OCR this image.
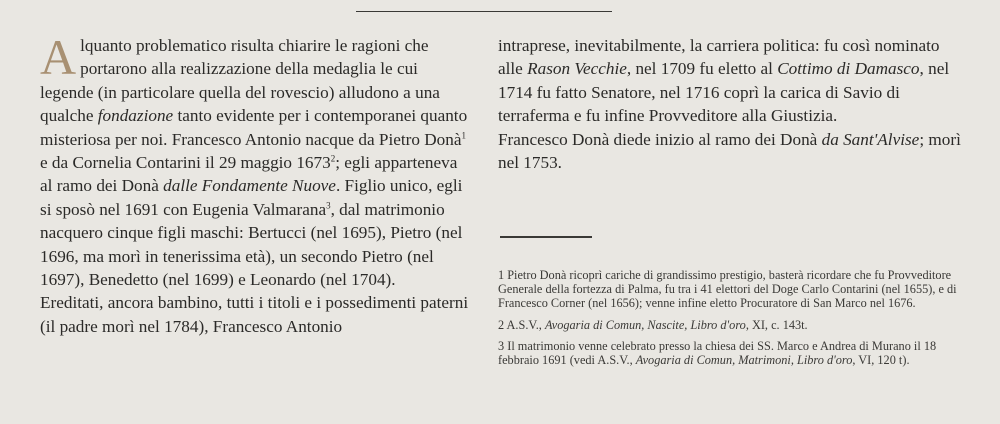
A lquanto problematico risulta chiarire le ragioni che
portarono alla realizzazione della medaglia le cui
legende (in particolare quella del rovescio) alludono a una qualche fondazione tanto evidente per i contemporanei quanto misteriosa per noi. Francesco Antonio nacque da Pietro Donà$^1$ e da Cornelia Contarini il 29 maggio 1673$^2$; egli apparteneva al ramo dei Donà dalle Fondamente Nuove. Figlio unico, egli si sposò nel 1691 con Eugenia Valmarana$^3$, dal matrimonio nacquero cinque figli maschi: Bertucci (nel 1695), Pietro (nel 1696, ma morì in tenerissima età), un secondo Pietro (nel 1697), Benedetto (nel 1699) e Leonardo (nel 1704).

Ereditati, ancora bambino, tutti i titoli e i possedimenti paterni (il padre morì nel 1784), Francesco Antonio

intraprese, inevitabilmente, la carriera politica: fu così nominato alle Rason Vecchie, nel 1709 fu eletto al Cottimo di Damasco, nel 1714 fu fatto Senatore, nel 1716 coprì la carica di Savio di terraferma e fu infine Provveditore alla Giustizia.

Francesco Donà diede inizio al ramo dei Donà da Sant'Alvise; morì nel 1753.

1 Pietro Donà ricoprì cariche di grandissimo prestigio, basterà ricordare che fu Provveditore Generale della fortezza di Palma, fu tra i 41 elettori del Doge Carlo Contarini (nel 1655), e di Francesco Corner (nel 1656); venne infine eletto Procuratore di San Marco nel 1676.

2 A.S.V., Avogaria di Comun, Nascite, Libro d'oro, XI, c. 143t.

3 Il matrimonio venne celebrato presso la chiesa dei SS. Marco e Andrea di Murano il 18 febbraio 1691 (vedi A.S.V., Avogaria di Comun, Matrimoni, Libro d'oro, VI, 120 t).
